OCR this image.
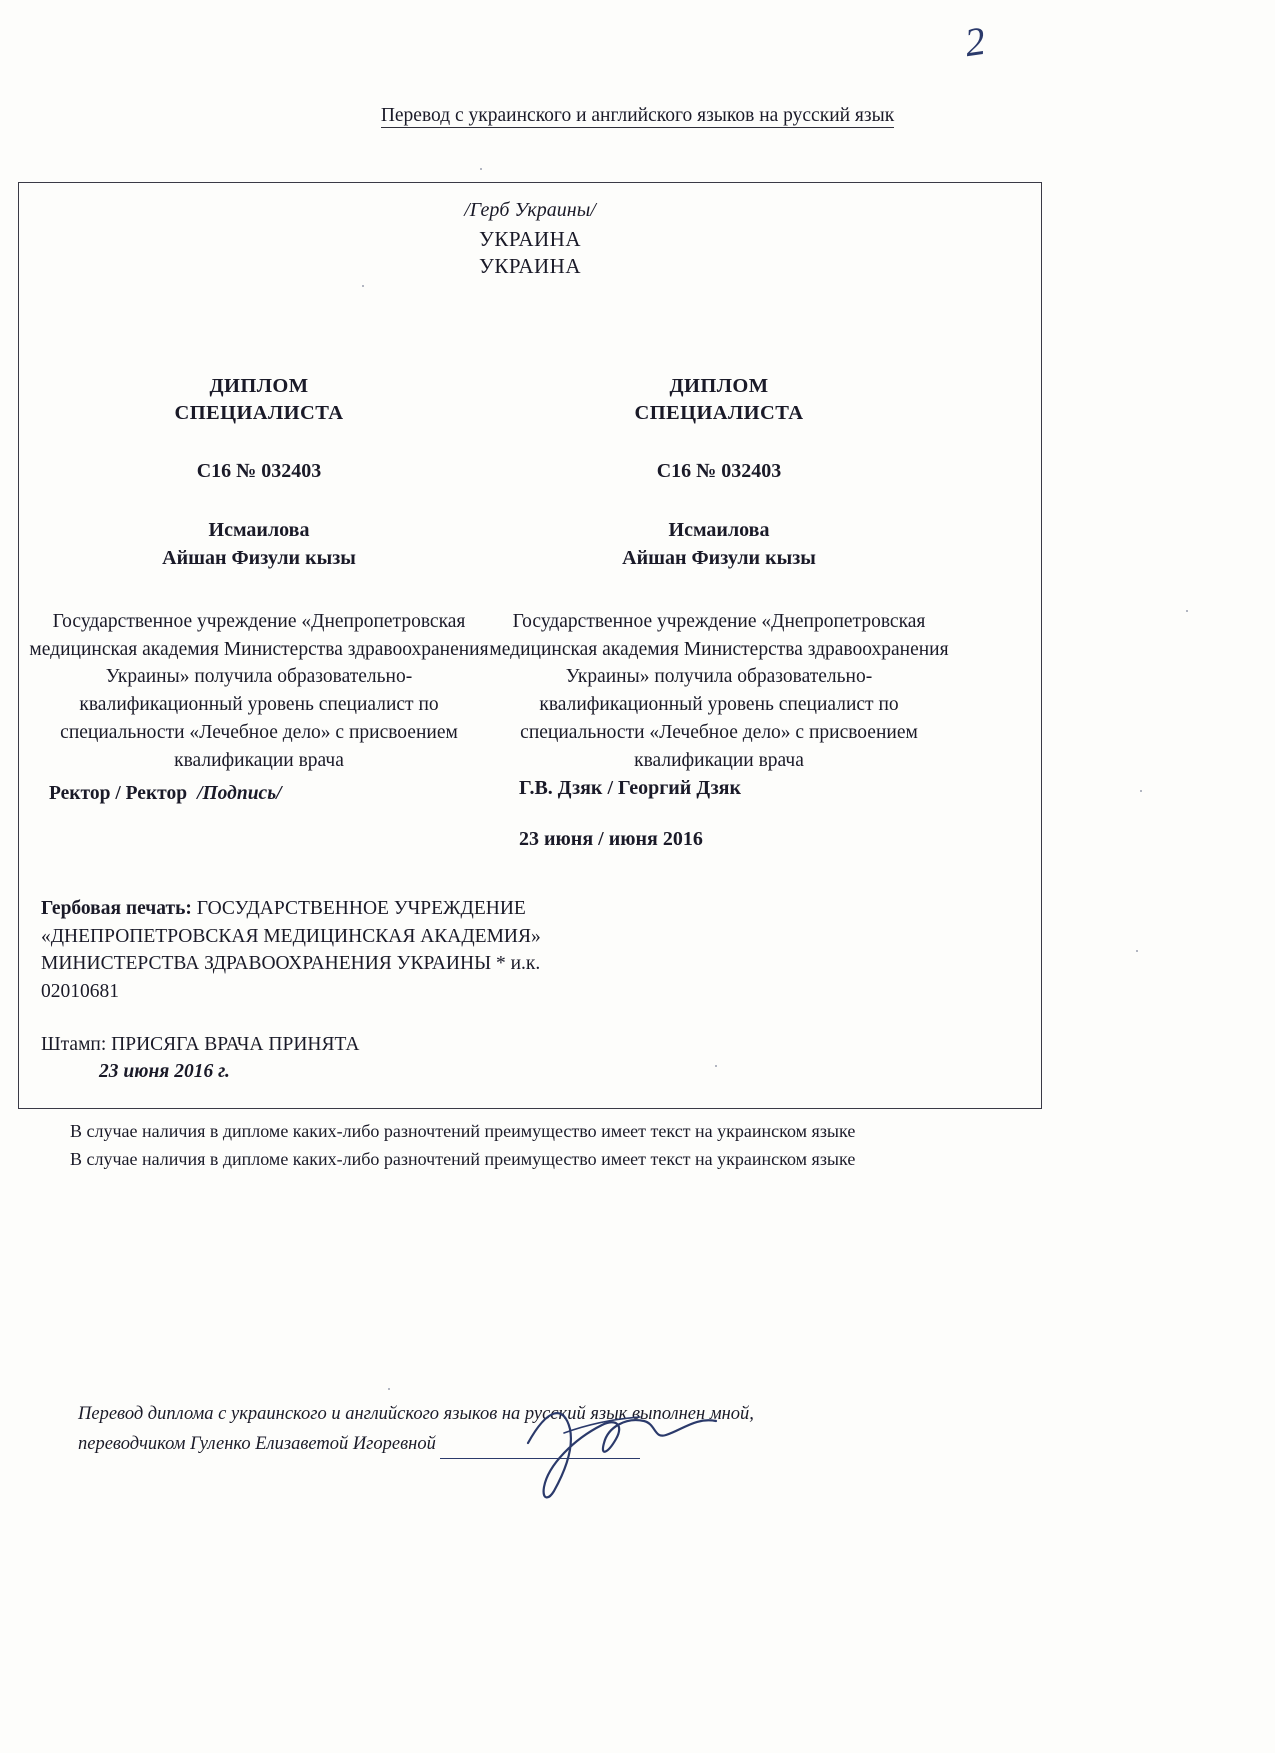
2
Перевод с украинского и английского языков на русский язык
/Герб Украины/
УКРАИНА
УКРАИНА
ДИПЛОМ
СПЕЦИАЛИСТА
С16 № 032403
Исмаилова
Айшан Физули кызы
Государственное учреждение «Днепропетровская медицинская академия Министерства здравоохранения Украины» получила образовательно-квалификационный уровень специалист по специальности «Лечебное дело» с присвоением квалификации врача
ДИПЛОМ
СПЕЦИАЛИСТА
С16 № 032403
Исмаилова
Айшан Физули кызы
Государственное учреждение «Днепропетровская медицинская академия Министерства здравоохранения Украины» получила образовательно-квалификационный уровень специалист по специальности «Лечебное дело» с присвоением квалификации врача
Ректор / Ректор /Подпись/	Г.В. Дзяк / Георгий Дзяк
23 июня / июня 2016
Гербовая печать: ГОСУДАРСТВЕННОЕ УЧРЕЖДЕНИЕ «ДНЕПРОПЕТРОВСКАЯ МЕДИЦИНСКАЯ АКАДЕМИЯ» МИНИСТЕРСТВА ЗДРАВООХРАНЕНИЯ УКРАИНЫ * и.к. 02010681
Штамп: ПРИСЯГА ВРАЧА ПРИНЯТА
23 июня 2016 г.
В случае наличия в дипломе каких-либо разночтений преимущество имеет текст на украинском языке
В случае наличия в дипломе каких-либо разночтений преимущество имеет текст на украинском языке
Перевод диплома с украинского и английского языков на русский язык выполнен мной,
переводчиком Гуленко Елизаветой Игоревной
